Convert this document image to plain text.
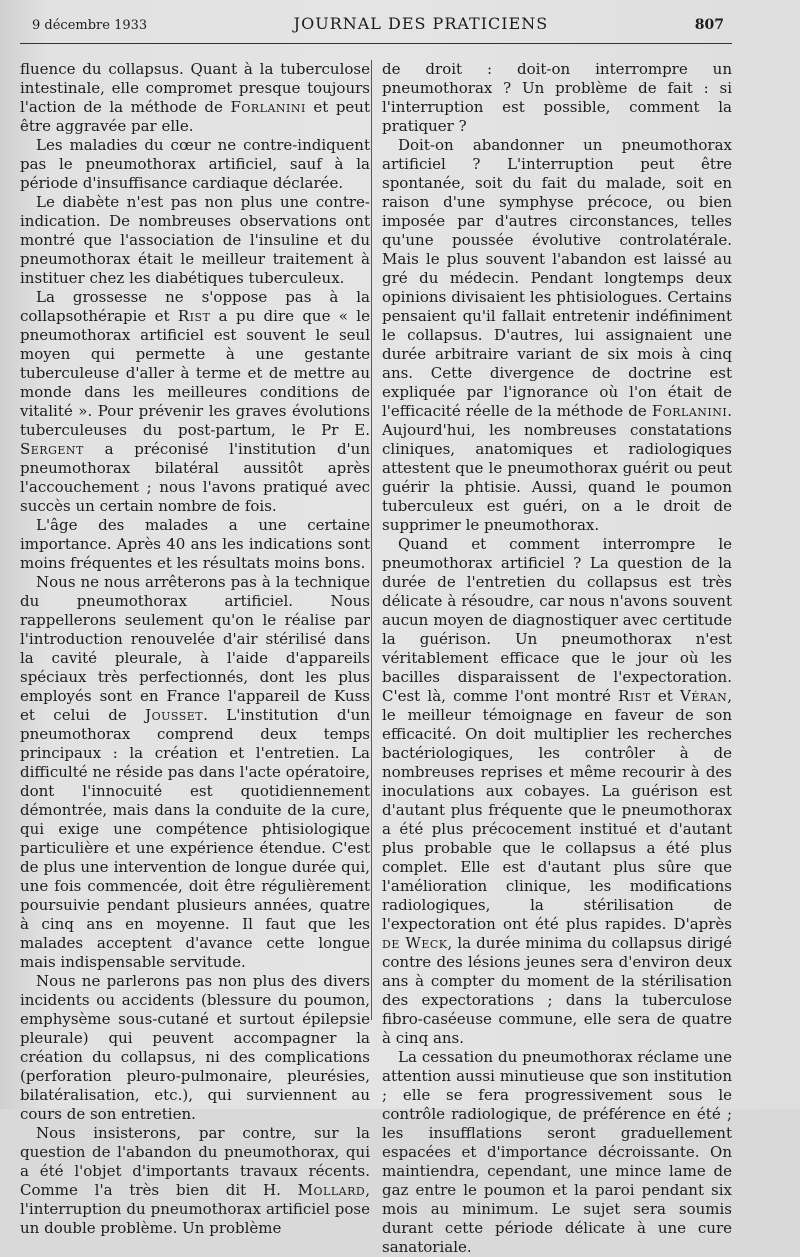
9 décembre 1933	JOURNAL DES PRATICIENS	807

fluence du collapsus. Quant à la tuberculose intestinale, elle compromet presque toujours l'action de la méthode de Forlanini et peut être aggravée par elle.

Les maladies du cœur ne contre-indiquent pas le pneumothorax artificiel, sauf à la période d'insuffisance cardiaque déclarée.

Le diabète n'est pas non plus une contre-indication. De nombreuses observations ont montré que l'association de l'insuline et du pneumothorax était le meilleur traitement à instituer chez les diabétiques tuberculeux.

La grossesse ne s'oppose pas à la collapsothérapie et Rist a pu dire que « le pneumothorax artificiel est souvent le seul moyen qui permette à une gestante tuberculeuse d'aller à terme et de mettre au monde dans les meilleures conditions de vitalité ». Pour prévenir les graves évolutions tuberculeuses du post-partum, le Pr E. Sergent a préconisé l'institution d'un pneumothorax bilatéral aussitôt après l'accouchement ; nous l'avons pratiqué avec succès un certain nombre de fois.

L'âge des malades a une certaine importance. Après 40 ans les indications sont moins fréquentes et les résultats moins bons.

Nous ne nous arrêterons pas à la technique du pneumothorax artificiel. Nous rappellerons seulement qu'on le réalise par l'introduction renouvelée d'air stérilisé dans la cavité pleurale, à l'aide d'appareils spéciaux très perfectionnés, dont les plus employés sont en France l'appareil de Kuss et celui de Jousset. L'institution d'un pneumothorax comprend deux temps principaux : la création et l'entretien. La difficulté ne réside pas dans l'acte opératoire, dont l'innocuité est quotidiennement démontrée, mais dans la conduite de la cure, qui exige une compétence phtisiologique particulière et une expérience étendue. C'est de plus une intervention de longue durée qui, une fois commencée, doit être régulièrement poursuivie pendant plusieurs années, quatre à cinq ans en moyenne. Il faut que les malades acceptent d'avance cette longue mais indispensable servitude.

Nous ne parlerons pas non plus des divers incidents ou accidents (blessure du poumon, emphysème sous-cutané et surtout épilepsie pleurale) qui peuvent accompagner la création du collapsus, ni des complications (perforation pleuro-pulmonaire, pleurésies, bilatéralisation, etc.), qui surviennent au cours de son entretien.

Nous insisterons, par contre, sur la question de l'abandon du pneumothorax, qui a été l'objet d'importants travaux récents. Comme l'a très bien dit H. Mollard, l'interruption du pneumothorax artificiel pose un double problème. Un problème

de droit : doit-on interrompre un pneumothorax ? Un problème de fait : si l'interruption est possible, comment la pratiquer ?

Doit-on abandonner un pneumothorax artificiel ? L'interruption peut être spontanée, soit du fait du malade, soit en raison d'une symphyse précoce, ou bien imposée par d'autres circonstances, telles qu'une poussée évolutive controlatérale. Mais le plus souvent l'abandon est laissé au gré du médecin. Pendant longtemps deux opinions divisaient les phtisiologues. Certains pensaient qu'il fallait entretenir indéfiniment le collapsus. D'autres, lui assignaient une durée arbitraire variant de six mois à cinq ans. Cette divergence de doctrine est expliquée par l'ignorance où l'on était de l'efficacité réelle de la méthode de Forlanini. Aujourd'hui, les nombreuses constatations cliniques, anatomiques et radiologiques attestent que le pneumothorax guérit ou peut guérir la phtisie. Aussi, quand le poumon tuberculeux est guéri, on a le droit de supprimer le pneumothorax.

Quand et comment interrompre le pneumothorax artificiel ? La question de la durée de l'entretien du collapsus est très délicate à résoudre, car nous n'avons souvent aucun moyen de diagnostiquer avec certitude la guérison. Un pneumothorax n'est véritablement efficace que le jour où les bacilles disparaissent de l'expectoration. C'est là, comme l'ont montré Rist et Véran, le meilleur témoignage en faveur de son efficacité. On doit multiplier les recherches bactériologiques, les contrôler à de nombreuses reprises et même recourir à des inoculations aux cobayes. La guérison est d'autant plus fréquente que le pneumothorax a été plus précocement institué et d'autant plus probable que le collapsus a été plus complet. Elle est d'autant plus sûre que l'amélioration clinique, les modifications radiologiques, la stérilisation de l'expectoration ont été plus rapides. D'après de Weck, la durée minima du collapsus dirigé contre des lésions jeunes sera d'environ deux ans à compter du moment de la stérilisation des expectorations ; dans la tuberculose fibro-caséeuse commune, elle sera de quatre à cinq ans.

La cessation du pneumothorax réclame une attention aussi minutieuse que son institution ; elle se fera progressivement sous le contrôle radiologique, de préférence en été ; les insufflations seront graduellement espacées et d'importance décroissante. On maintiendra, cependant, une mince lame de gaz entre le poumon et la paroi pendant six mois au minimum. Le sujet sera soumis durant cette période délicate à une cure sanatoriale.
